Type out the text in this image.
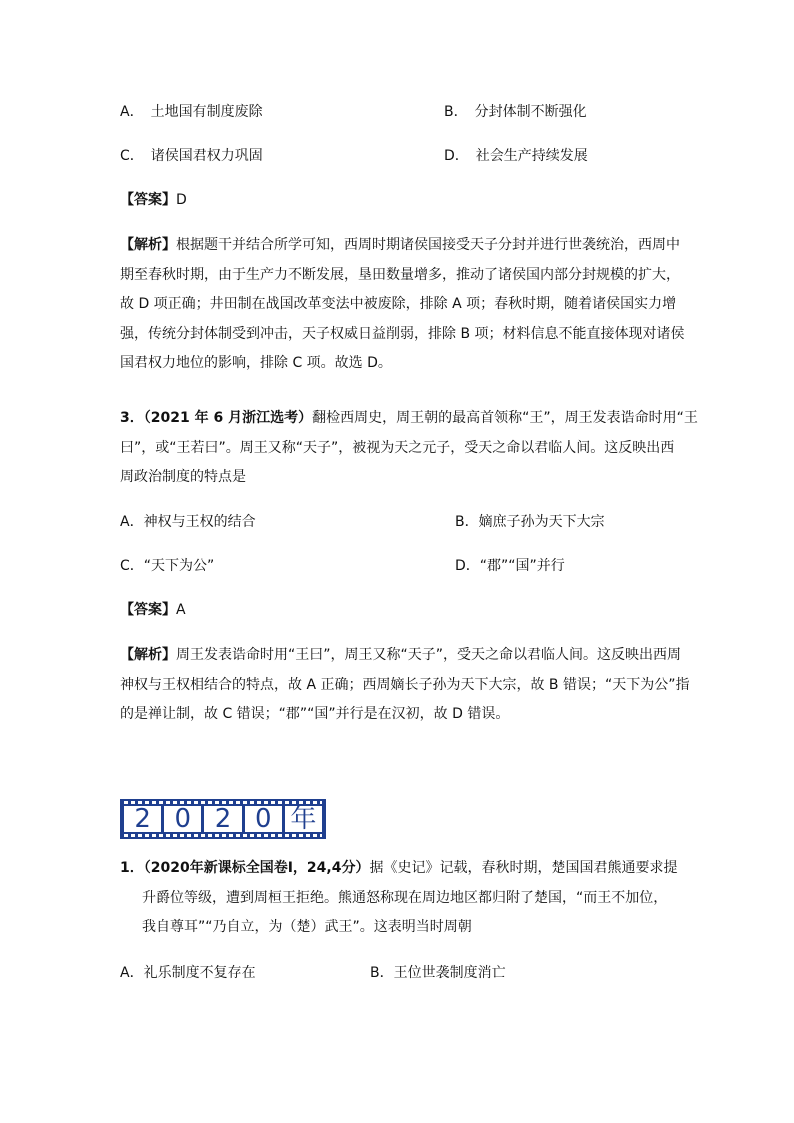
A．　土地国有制度废除	B．　分封体制不断强化
C．　诸侯国君权力巩固	D．　社会生产持续发展
【答案】D
【解析】根据题干并结合所学可知，西周时期诸侯国接受天子分封并进行世袭统治，西周中
期至春秋时期，由于生产力不断发展，垦田数量增多，推动了诸侯国内部分封规模的扩大，
故 D 项正确；井田制在战国改革变法中被废除，排除 A 项；春秋时期，随着诸侯国实力增
强，传统分封体制受到冲击，天子权威日益削弱，排除 B 项；材料信息不能直接体现对诸侯
国君权力地位的影响，排除 C 项。故选 D。
3．（2021 年 6 月浙江选考）翻检西周史，周王朝的最高首领称“王”，周王发表诰命时用“王
曰”，或“王若曰”。周王又称“天子”，被视为天之元子，受天之命以君临人间。这反映出西
周政治制度的特点是
A．神权与王权的结合	B．嫡庶子孙为天下大宗
C．“天下为公”	D．“郡”“国”并行
【答案】A
【解析】周王发表诰命时用“王曰”，周王又称“天子”，受天之命以君临人间。这反映出西周
神权与王权相结合的特点，故 A 正确；西周嫡长子孙为天下大宗，故 B 错误；“天下为公”指
的是禅让制，故 C 错误；“郡”“国”并行是在汉初，故 D 错误。
2 0 2 0 年
1．（2020年新课标全国卷Ⅰ，24,4分）据《史记》记载，春秋时期，楚国国君熊通要求提
升爵位等级，遭到周桓王拒绝。熊通怒称现在周边地区都归附了楚国，“而王不加位，
我自尊耳”“乃自立，为（楚）武王”。这表明当时周朝
A．礼乐制度不复存在	B．王位世袭制度消亡
